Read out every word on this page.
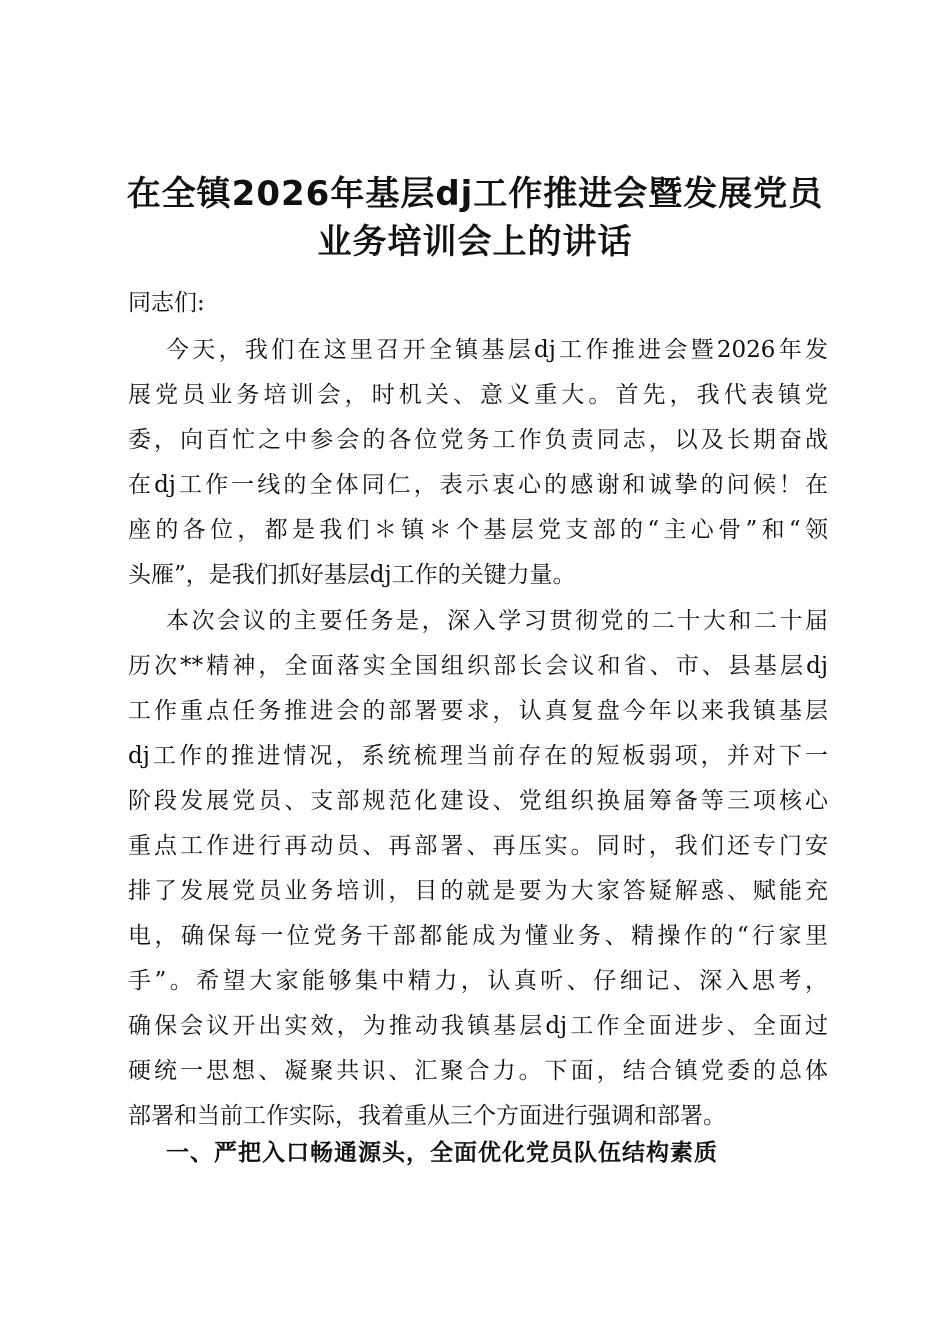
在全镇2026年基层dj工作推进会暨发展党员
业务培训会上的讲话
同志们:
今天，我们在这里召开全镇基层dj工作推进会暨2026年发
展党员业务培训会，时机关、意义重大。首先，我代表镇党
委，向百忙之中参会的各位党务工作负责同志，以及长期奋战
在dj工作一线的全体同仁，表示衷心的感谢和诚挚的问候！在
座的各位，都是我们＊镇＊个基层党支部的“主心骨”和“领
头雁”，是我们抓好基层dj工作的关键力量。
本次会议的主要任务是，深入学习贯彻党的二十大和二十届
历次**精神，全面落实全国组织部长会议和省、市、县基层dj
工作重点任务推进会的部署要求，认真复盘今年以来我镇基层
dj工作的推进情况，系统梳理当前存在的短板弱项，并对下一
阶段发展党员、支部规范化建设、党组织换届筹备等三项核心
重点工作进行再动员、再部署、再压实。同时，我们还专门安
排了发展党员业务培训，目的就是要为大家答疑解惑、赋能充
电，确保每一位党务干部都能成为懂业务、精操作的“行家里
手”。希望大家能够集中精力，认真听、仔细记、深入思考，
确保会议开出实效，为推动我镇基层dj工作全面进步、全面过
硬统一思想、凝聚共识、汇聚合力。下面，结合镇党委的总体
部署和当前工作实际，我着重从三个方面进行强调和部署。
一、严把入口畅通源头，全面优化党员队伍结构素质
